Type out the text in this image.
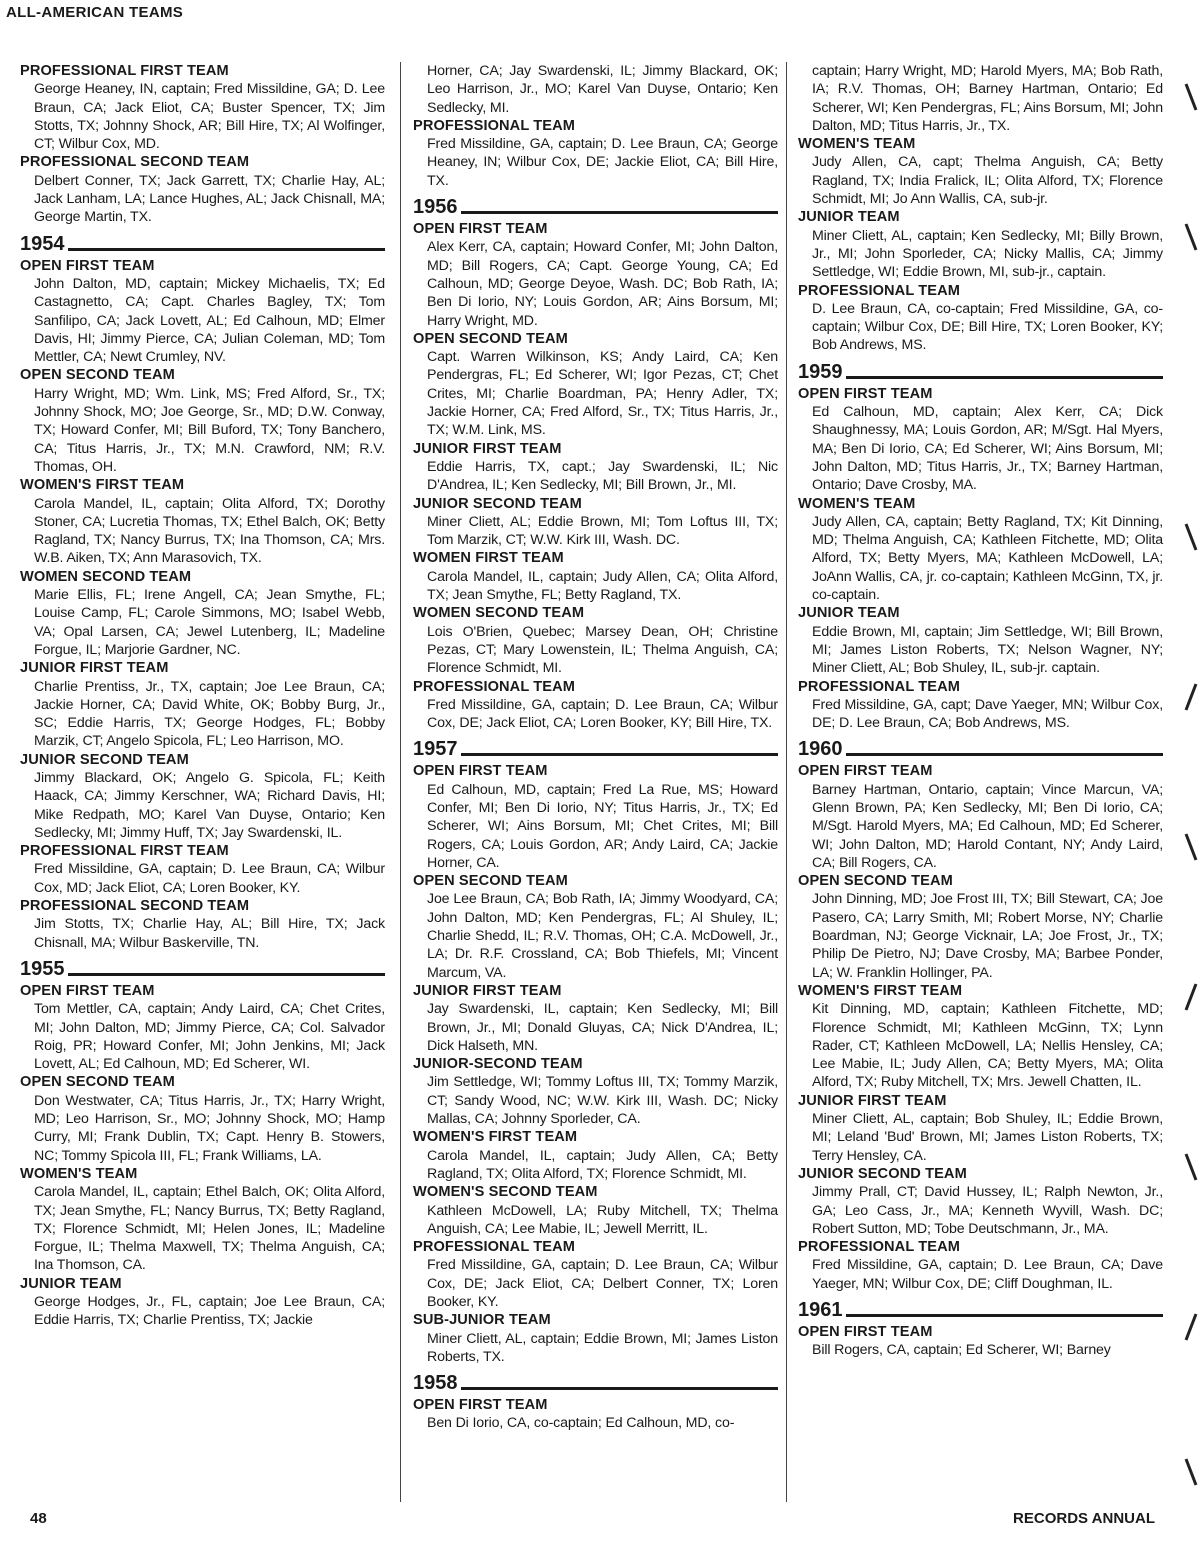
ALL-AMERICAN TEAMS
PROFESSIONAL FIRST TEAM
George Heaney, IN, captain; Fred Missildine, GA; D. Lee Braun, CA; Jack Eliot, CA; Buster Spencer, TX; Jim Stotts, TX; Johnny Shock, AR; Bill Hire, TX; Al Wolfinger, CT; Wilbur Cox, MD.
PROFESSIONAL SECOND TEAM
Delbert Conner, TX; Jack Garrett, TX; Charlie Hay, AL; Jack Lanham, LA; Lance Hughes, AL; Jack Chisnall, MA; George Martin, TX.
1954
OPEN FIRST TEAM
John Dalton, MD, captain; Mickey Michaelis, TX; Ed Castagnetto, CA; Capt. Charles Bagley, TX; Tom Sanfilipo, CA; Jack Lovett, AL; Ed Calhoun, MD; Elmer Davis, HI; Jimmy Pierce, CA; Julian Coleman, MD; Tom Mettler, CA; Newt Crumley, NV.
OPEN SECOND TEAM
Harry Wright, MD; Wm. Link, MS; Fred Alford, Sr., TX; Johnny Shock, MO; Joe George, Sr., MD; D.W. Conway, TX; Howard Confer, MI; Bill Buford, TX; Tony Banchero, CA; Titus Harris, Jr., TX; M.N. Crawford, NM; R.V. Thomas, OH.
WOMEN'S FIRST TEAM
Carola Mandel, IL, captain; Olita Alford, TX; Dorothy Stoner, CA; Lucretia Thomas, TX; Ethel Balch, OK; Betty Ragland, TX; Nancy Burrus, TX; Ina Thomson, CA; Mrs. W.B. Aiken, TX; Ann Marasovich, TX.
WOMEN SECOND TEAM
Marie Ellis, FL; Irene Angell, CA; Jean Smythe, FL; Louise Camp, FL; Carole Simmons, MO; Isabel Webb, VA; Opal Larsen, CA; Jewel Lutenberg, IL; Madeline Forgue, IL; Marjorie Gardner, NC.
JUNIOR FIRST TEAM
Charlie Prentiss, Jr., TX, captain; Joe Lee Braun, CA; Jackie Horner, CA; David White, OK; Bobby Burg, Jr., SC; Eddie Harris, TX; George Hodges, FL; Bobby Marzik, CT; Angelo Spicola, FL; Leo Harrison, MO.
JUNIOR SECOND TEAM
Jimmy Blackard, OK; Angelo G. Spicola, FL; Keith Haack, CA; Jimmy Kerschner, WA; Richard Davis, HI; Mike Redpath, MO; Karel Van Duyse, Ontario; Ken Sedlecky, MI; Jimmy Huff, TX; Jay Swardenski, IL.
PROFESSIONAL FIRST TEAM
Fred Missildine, GA, captain; D. Lee Braun, CA; Wilbur Cox, MD; Jack Eliot, CA; Loren Booker, KY.
PROFESSIONAL SECOND TEAM
Jim Stotts, TX; Charlie Hay, AL; Bill Hire, TX; Jack Chisnall, MA; Wilbur Baskerville, TN.
1955
OPEN FIRST TEAM
Tom Mettler, CA, captain; Andy Laird, CA; Chet Crites, MI; John Dalton, MD; Jimmy Pierce, CA; Col. Salvador Roig, PR; Howard Confer, MI; John Jenkins, MI; Jack Lovett, AL; Ed Calhoun, MD; Ed Scherer, WI.
OPEN SECOND TEAM
Don Westwater, CA; Titus Harris, Jr., TX; Harry Wright, MD; Leo Harrison, Sr., MO; Johnny Shock, MO; Hamp Curry, MI; Frank Dublin, TX; Capt. Henry B. Stowers, NC; Tommy Spicola III, FL; Frank Williams, LA.
WOMEN'S TEAM
Carola Mandel, IL, captain; Ethel Balch, OK; Olita Alford, TX; Jean Smythe, FL; Nancy Burrus, TX; Betty Ragland, TX; Florence Schmidt, MI; Helen Jones, IL; Madeline Forgue, IL; Thelma Maxwell, TX; Thelma Anguish, CA; Ina Thomson, CA.
JUNIOR TEAM
George Hodges, Jr., FL, captain; Joe Lee Braun, CA; Eddie Harris, TX; Charlie Prentiss, TX; Jackie
Horner, CA; Jay Swardenski, IL; Jimmy Blackard, OK; Leo Harrison, Jr., MO; Karel Van Duyse, Ontario; Ken Sedlecky, MI.
PROFESSIONAL TEAM
Fred Missildine, GA, captain; D. Lee Braun, CA; George Heaney, IN; Wilbur Cox, DE; Jackie Eliot, CA; Bill Hire, TX.
1956
OPEN FIRST TEAM
Alex Kerr, CA, captain; Howard Confer, MI; John Dalton, MD; Bill Rogers, CA; Capt. George Young, CA; Ed Calhoun, MD; George Deyoe, Wash. DC; Bob Rath, IA; Ben Di Iorio, NY; Louis Gordon, AR; Ains Borsum, MI; Harry Wright, MD.
OPEN SECOND TEAM
Capt. Warren Wilkinson, KS; Andy Laird, CA; Ken Pendergras, FL; Ed Scherer, WI; Igor Pezas, CT; Chet Crites, MI; Charlie Boardman, PA; Henry Adler, TX; Jackie Horner, CA; Fred Alford, Sr., TX; Titus Harris, Jr., TX; W.M. Link, MS.
JUNIOR FIRST TEAM
Eddie Harris, TX, capt.; Jay Swardenski, IL; Nic D'Andrea, IL; Ken Sedlecky, MI; Bill Brown, Jr., MI.
JUNIOR SECOND TEAM
Miner Cliett, AL; Eddie Brown, MI; Tom Loftus III, TX; Tom Marzik, CT; W.W. Kirk III, Wash. DC.
WOMEN FIRST TEAM
Carola Mandel, IL, captain; Judy Allen, CA; Olita Alford, TX; Jean Smythe, FL; Betty Ragland, TX.
WOMEN SECOND TEAM
Lois O'Brien, Quebec; Marsey Dean, OH; Christine Pezas, CT; Mary Lowenstein, IL; Thelma Anguish, CA; Florence Schmidt, MI.
PROFESSIONAL TEAM
Fred Missildine, GA, captain; D. Lee Braun, CA; Wilbur Cox, DE; Jack Eliot, CA; Loren Booker, KY; Bill Hire, TX.
1957
OPEN FIRST TEAM
Ed Calhoun, MD, captain; Fred La Rue, MS; Howard Confer, MI; Ben Di Iorio, NY; Titus Harris, Jr., TX; Ed Scherer, WI; Ains Borsum, MI; Chet Crites, MI; Bill Rogers, CA; Louis Gordon, AR; Andy Laird, CA; Jackie Horner, CA.
OPEN SECOND TEAM
Joe Lee Braun, CA; Bob Rath, IA; Jimmy Woodyard, CA; John Dalton, MD; Ken Pendergras, FL; Al Shuley, IL; Charlie Shedd, IL; R.V. Thomas, OH; C.A. McDowell, Jr., LA; Dr. R.F. Crossland, CA; Bob Thiefels, MI; Vincent Marcum, VA.
JUNIOR FIRST TEAM
Jay Swardenski, IL, captain; Ken Sedlecky, MI; Bill Brown, Jr., MI; Donald Gluyas, CA; Nick D'Andrea, IL; Dick Halseth, MN.
JUNIOR-SECOND TEAM
Jim Settledge, WI; Tommy Loftus III, TX; Tommy Marzik, CT; Sandy Wood, NC; W.W. Kirk III, Wash. DC; Nicky Mallas, CA; Johnny Sporleder, CA.
WOMEN'S FIRST TEAM
Carola Mandel, IL, captain; Judy Allen, CA; Betty Ragland, TX; Olita Alford, TX; Florence Schmidt, MI.
WOMEN'S SECOND TEAM
Kathleen McDowell, LA; Ruby Mitchell, TX; Thelma Anguish, CA; Lee Mabie, IL; Jewell Merritt, IL.
PROFESSIONAL TEAM
Fred Missildine, GA, captain; D. Lee Braun, CA; Wilbur Cox, DE; Jack Eliot, CA; Delbert Conner, TX; Loren Booker, KY.
SUB-JUNIOR TEAM
Miner Cliett, AL, captain; Eddie Brown, MI; James Liston Roberts, TX.
1958
OPEN FIRST TEAM
Ben Di Iorio, CA, co-captain; Ed Calhoun, MD, co-
captain; Harry Wright, MD; Harold Myers, MA; Bob Rath, IA; R.V. Thomas, OH; Barney Hartman, Ontario; Ed Scherer, WI; Ken Pendergras, FL; Ains Borsum, MI; John Dalton, MD; Titus Harris, Jr., TX.
WOMEN'S TEAM
Judy Allen, CA, capt; Thelma Anguish, CA; Betty Ragland, TX; India Fralick, IL; Olita Alford, TX; Florence Schmidt, MI; Jo Ann Wallis, CA, sub-jr.
JUNIOR TEAM
Miner Cliett, AL, captain; Ken Sedlecky, MI; Billy Brown, Jr., MI; John Sporleder, CA; Nicky Mallis, CA; Jimmy Settledge, WI; Eddie Brown, MI, sub-jr., captain.
PROFESSIONAL TEAM
D. Lee Braun, CA, co-captain; Fred Missildine, GA, co-captain; Wilbur Cox, DE; Bill Hire, TX; Loren Booker, KY; Bob Andrews, MS.
1959
OPEN FIRST TEAM
Ed Calhoun, MD, captain; Alex Kerr, CA; Dick Shaughnessy, MA; Louis Gordon, AR; M/Sgt. Hal Myers, MA; Ben Di Iorio, CA; Ed Scherer, WI; Ains Borsum, MI; John Dalton, MD; Titus Harris, Jr., TX; Barney Hartman, Ontario; Dave Crosby, MA.
WOMEN'S TEAM
Judy Allen, CA, captain; Betty Ragland, TX; Kit Dinning, MD; Thelma Anguish, CA; Kathleen Fitchette, MD; Olita Alford, TX; Betty Myers, MA; Kathleen McDowell, LA; JoAnn Wallis, CA, jr. co-captain; Kathleen McGinn, TX, jr. co-captain.
JUNIOR TEAM
Eddie Brown, MI, captain; Jim Settledge, WI; Bill Brown, MI; James Liston Roberts, TX; Nelson Wagner, NY; Miner Cliett, AL; Bob Shuley, IL, sub-jr. captain.
PROFESSIONAL TEAM
Fred Missildine, GA, capt; Dave Yaeger, MN; Wilbur Cox, DE; D. Lee Braun, CA; Bob Andrews, MS.
1960
OPEN FIRST TEAM
Barney Hartman, Ontario, captain; Vince Marcun, VA; Glenn Brown, PA; Ken Sedlecky, MI; Ben Di Iorio, CA; M/Sgt. Harold Myers, MA; Ed Calhoun, MD; Ed Scherer, WI; John Dalton, MD; Harold Contant, NY; Andy Laird, CA; Bill Rogers, CA.
OPEN SECOND TEAM
John Dinning, MD; Joe Frost III, TX; Bill Stewart, CA; Joe Pasero, CA; Larry Smith, MI; Robert Morse, NY; Charlie Boardman, NJ; George Vicknair, LA; Joe Frost, Jr., TX; Philip De Pietro, NJ; Dave Crosby, MA; Barbee Ponder, LA; W. Franklin Hollinger, PA.
WOMEN'S FIRST TEAM
Kit Dinning, MD, captain; Kathleen Fitchette, MD; Florence Schmidt, MI; Kathleen McGinn, TX; Lynn Rader, CT; Kathleen McDowell, LA; Nellis Hensley, CA; Lee Mabie, IL; Judy Allen, CA; Betty Myers, MA; Olita Alford, TX; Ruby Mitchell, TX; Mrs. Jewell Chatten, IL.
JUNIOR FIRST TEAM
Miner Cliett, AL, captain; Bob Shuley, IL; Eddie Brown, MI; Leland 'Bud' Brown, MI; James Liston Roberts, TX; Terry Hensley, CA.
JUNIOR SECOND TEAM
Jimmy Prall, CT; David Hussey, IL; Ralph Newton, Jr., GA; Leo Cass, Jr., MA; Kenneth Wyvill, Wash. DC; Robert Sutton, MD; Tobe Deutschmann, Jr., MA.
PROFESSIONAL TEAM
Fred Missildine, GA, captain; D. Lee Braun, CA; Dave Yaeger, MN; Wilbur Cox, DE; Cliff Doughman, IL.
1961
OPEN FIRST TEAM
Bill Rogers, CA, captain; Ed Scherer, WI; Barney
48	RECORDS ANNUAL
